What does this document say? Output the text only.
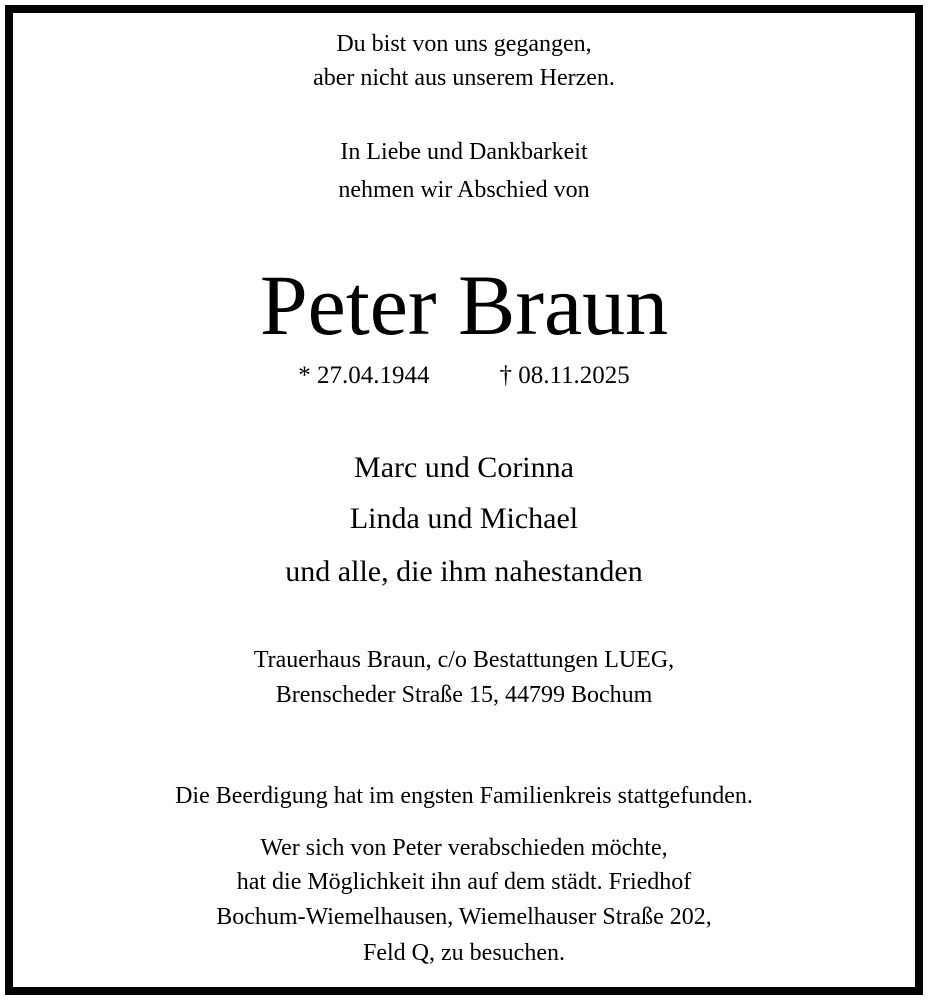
Du bist von uns gegangen,
aber nicht aus unserem Herzen.
In Liebe und Dankbarkeit
nehmen wir Abschied von
Peter Braun
* 27.04.1944	† 08.11.2025
Marc und Corinna
Linda und Michael
und alle, die ihm nahestanden
Trauerhaus Braun, c/o Bestattungen LUEG,
Brenscheder Straße 15, 44799 Bochum
Die Beerdigung hat im engsten Familienkreis stattgefunden.
Wer sich von Peter verabschieden möchte,
hat die Möglichkeit ihn auf dem städt. Friedhof
Bochum-Wiemelhausen, Wiemelhauser Straße 202,
Feld Q, zu besuchen.
